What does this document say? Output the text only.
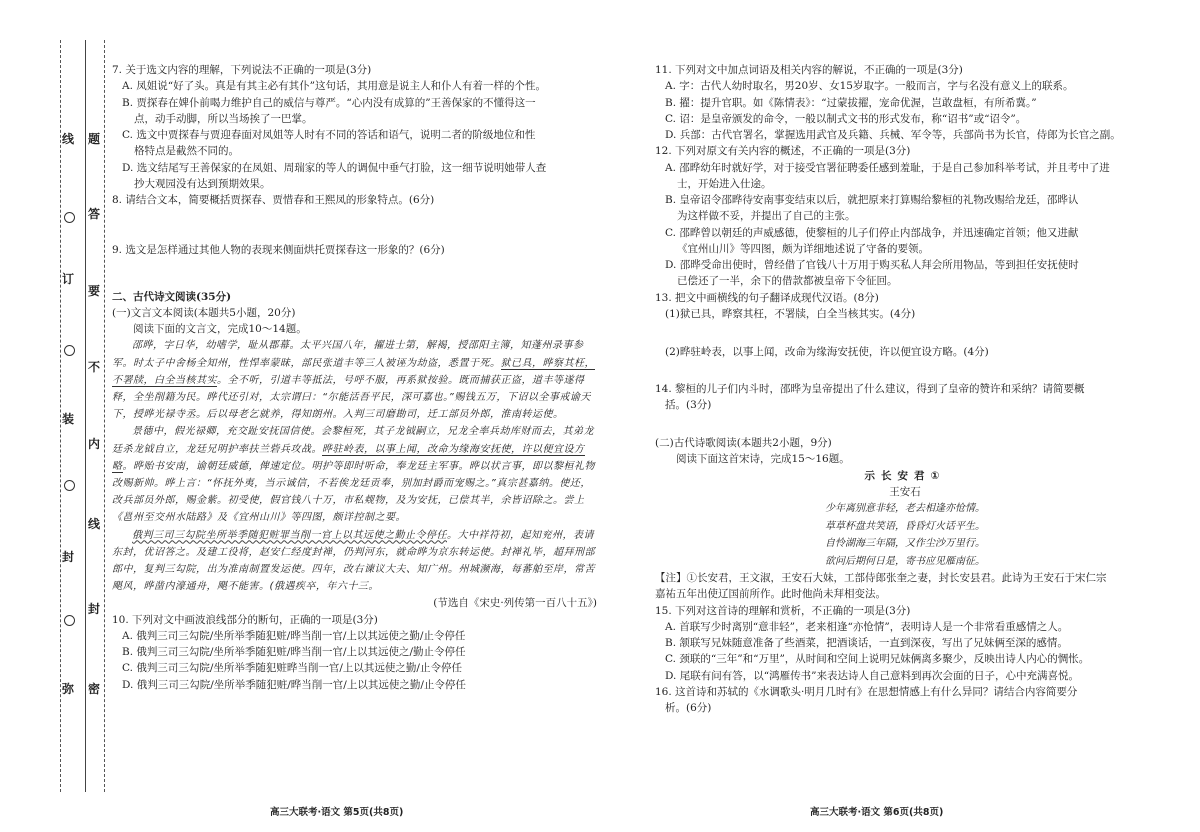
线
订
装
封
弥
题
答
要
不
内
线
封
密

7. 关于选文内容的理解，下列说法不正确的一项是(3分)

A. 凤姐说“好了头。真是有其主必有其仆”这句话，其用意是说主人和仆人有着一样的个性。

B. 贾探春在婢仆前喝力维护自己的威信与尊严。“心内没有成算的”王善保家的不懂得这一

点，动手动脚，所以当场挨了一巴掌。

C. 选文中贾探春与贾迎春面对凤姐等人时有不同的答话和语气，说明二者的阶级地位和性

格特点是截然不同的。

D. 选文结尾写王善保家的在凤姐、周瑞家的等人的调侃中垂气打脸，这一细节说明她带人查

抄大观园没有达到预期效果。

8. 请结合文本，简要概括贾探春、贾惜春和王熙凤的形象特点。(6分)

9. 选文是怎样通过其他人物的表现来侧面烘托贾探春这一形象的？(6分)

二、古代诗文阅读(35分)

(一)文言文本阅读(本题共5小题，20分)

阅读下面的文言文，完成10～14题。

邵晔，字日华，幼嗜学，耻从郡幕。太平兴国八年，擢进士第，解褐，授邵阳主簿，知蓬州录事参军。时太子中舍杨全知州，性悍率蒙昧，部民张道丰等三人被诬为劫盗，悉置于死。狱已具，晔察其枉，不署牍，白全当核其实。全不听，引道丰等抵法，号呼不服，再系狱按验。既而捕获正盗，道丰等遂得释，全坐削籍为民。晔代还引对，太宗谓曰：“尔能活吾平民，深可嘉也。”赐钱五万，下诏以全事戒谕天下，授晔光禄寺丞。后以母老乞就养，得知朗州。入判三司磨勘司，迁工部员外郎，淮南转运使。

景德中，假光禄卿，充交趾安抚国信使。会黎桓死，其子龙钺嗣立，兄龙全率兵劫库财而去，其弟龙廷杀龙钺自立，龙廷兄明护率扶兰砦兵攻战。晔驻岭表，以事上闻，改命为缘海安抚使，许以便宜设方略。晔贻书安南，谕朝廷威德，俾速定位。明护等即时听命，奉龙廷主军事。晔以状言事，即以黎桓礼物改赐新帅。晔上言：“怀抚外夷，当示诚信，不若俟龙廷贡奉，别加封爵而宠赐之。”真宗甚嘉纳。使还，改兵部员外郎，赐金紫。初受使，假官钱八十万，市私觌物，及为安抚，已偿其半，余皆诏除之。尝上《邕州至交州水陆路》及《宜州山川》等四图，颇详控制之要。

俄判三司三勾院坐所举季随犯赃罪当削一官上以其远使之勤止令停任。大中祥符初，起知兖州，表请东封，优诏答之。及建工役将，赵安仁经度封禅，仍判河东，就命晔为京东转运使。封禅礼毕，超拜刑部郎中，复判三勾院，出为准南制置发运使。四年，改右谏议大夫、知广州。州城濒海，每蕃舶至岸，常苦飓风，晔凿内濠通舟，飓不能害。(俄遇疾卒，年六十三。

(节选自《宋史·列传第一百八十五》)

10. 下列对文中画波浪线部分的断句，正确的一项是(3分)

A. 俄判三司三勾院/坐所举季随犯赃/晔当削一官/上以其远使之勤/止令停任

B. 俄判三司三勾院/坐所举季随犯赃/晔当削一官/上以其远使之/勤止令停任

C. 俄判三司三勾院/坐所举季随犯赃晔当削一官/上以其远使之勤/止令停任

D. 俄判三司三勾院/坐所举季随犯赃/晔当削一官/上以其远使之勤/止令停任

高三大联考·语文 第5页(共8页)

11. 下列对文中加点词语及相关内容的解说，不正确的一项是(3分)

A. 字：古代人幼时取名，男20岁、女15岁取字。一般而言，字与名没有意义上的联系。

B. 擢：提升官职。如《陈情表》：“过蒙拔擢，宠命优渥，岂敢盘桓，有所希冀。”

C. 诏：是皇帝颁发的命令，一般以制式文书的形式发布，称“诏书”或“诏令”。

D. 兵部：古代官署名，掌握选用武官及兵籍、兵械、军令等，兵部尚书为长官，侍郎为长官之副。

12. 下列对原文有关内容的概述，不正确的一项是(3分)

A. 邵晔幼年时就好学，对于接受官署征聘委任感到羞耻，于是自己参加科举考试，并且考中了进

士，开始进入仕途。

B. 皇帝诏令邵晔待安南事变结束以后，就把原来打算赐给黎桓的礼物改赐给龙廷，邵晔认

为这样做不妥，并提出了自己的主张。

C. 邵晔曾以朝廷的声威感德，使黎桓的儿子们停止内部战争，并迅速确定首领；他又进献

《宜州山川》等四图，颇为详细地述说了守备的要领。

D. 邵晔受命出使时，曾经借了官钱八十万用于购买私人拜会所用物品，等到担任安抚使时

已偿还了一半，余下的借款都被皇帝下令征回。

13. 把文中画横线的句子翻译成现代汉语。(8分)

(1)狱已具，晔察其枉，不署牍，白全当核其实。(4分)

(2)晔驻岭表，以事上闻，改命为缘海安抚使，许以便宜设方略。(4分)

14. 黎桓的儿子们内斗时，邵晔为皇帝提出了什么建议，得到了皇帝的赞许和采纳？请简要概

括。(3分)

(二)古代诗歌阅读(本题共2小题，9分)

阅读下面这首宋诗，完成15～16题。

示长安君①

王安石

少年离别意非轻，老去相逢亦怆情。

草草杯盘共笑语，昏昏灯火话平生。

自怜湖海三年隔，又作尘沙万里行。

欲问后期何日是，寄书应见雁南征。

【注】①长安君，王文淑，王安石大妹，工部侍郎张奎之妻，封长安县君。此诗为王安石于宋仁宗

嘉祐五年出使辽国前所作。此时他尚未拜相变法。

15. 下列对这首诗的理解和赏析，不正确的一项是(3分)

A. 首联写少时离别“意非轻”，老来相逢“亦怆情”，表明诗人是一个非常看重感情之人。

B. 颔联写兄妹随意准备了些酒菜，把酒谈话，一直到深夜，写出了兄妹俩至深的感情。

C. 颈联的“三年”和“万里”，从时间和空间上说明兄妹俩离多聚少，反映出诗人内心的惆怅。

D. 尾联有问有答，以“鸿雁传书”来表达诗人自己意料到再次会面的日子，心中充满喜悦。

16. 这首诗和苏轼的《水调歌头·明月几时有》在思想情感上有什么异同？请结合内容简要分

析。(6分)

高三大联考·语文 第6页(共8页)
